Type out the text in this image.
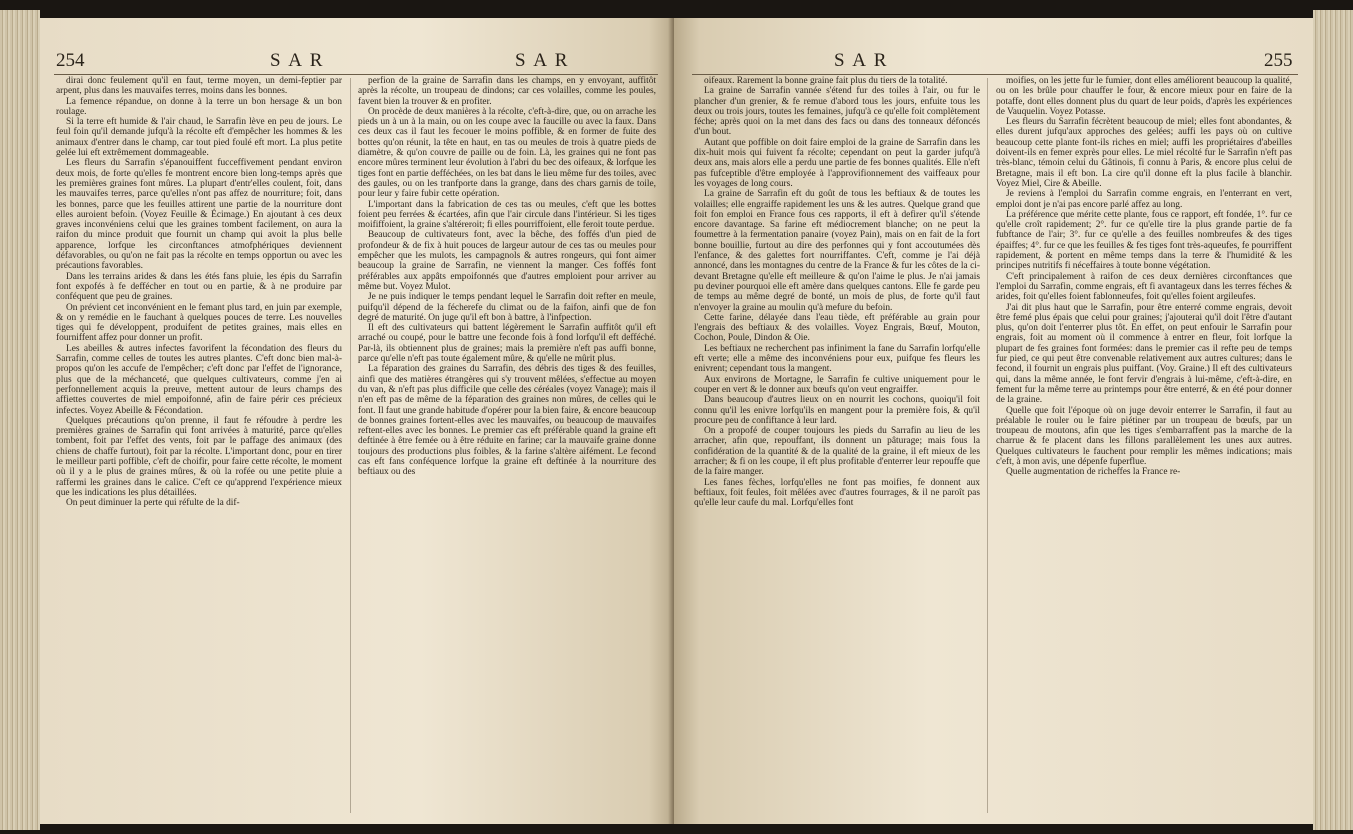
254	S A R	S A R

dirai donc feulement qu'il en faut, terme moyen, un demi-feptier par arpent, plus dans les mauvaifes terres, moins dans les bonnes.

La femence répandue, on donne à la terre un bon hersage & un bon roulage.

Si la terre eft humide & l'air chaud, le Sarrafin lève en peu de jours. Le feul foin qu'il demande jufqu'à la récolte eft d'empêcher les hommes & les animaux d'entrer dans le champ, car tout pied foulé eft mort. La plus petite gelée lui eft extrêmement dommageable.

Les fleurs du Sarrafin s'épanouiffent fucceffivement pendant environ deux mois, de forte qu'elles fe montrent encore bien long-temps après que les premières graines font mûres. La plupart d'entr'elles coulent, foit, dans les mauvaifes terres, parce qu'elles n'ont pas affez de nourriture; foit, dans les bonnes, parce que les feuilles attirent une partie de la nourriture dont elles auroient befoin. (Voyez Feuille & Écimage.) En ajoutant à ces deux graves inconvéniens celui que les graines tombent facilement, on aura la raifon du mince produit que fournit un champ qui avoit la plus belle apparence, lorfque les circonftances atmofphériques deviennent défavorables, ou qu'on ne fait pas la récolte en temps opportun ou avec les précautions favorables.

Dans les terrains arides & dans les étés fans pluie, les épis du Sarrafin font expofés à fe deffécher en tout ou en partie, & à ne produire par conféquent que peu de graines.

On prévient cet inconvénient en le femant plus tard, en juin par exemple, & on y remédie en le fauchant à quelques pouces de terre. Les nouvelles tiges qui fe développent, produifent de petites graines, mais elles en fourniffent affez pour donner un profit.

Les abeilles & autres infectes favorifent la fécondation des fleurs du Sarrafin, comme celles de toutes les autres plantes. C'eft donc bien mal-à-propos qu'on les accufe de l'empêcher; c'eft donc par l'effet de l'ignorance, plus que de la méchanceté, que quelques cultivateurs, comme j'en ai perfonnellement acquis la preuve, mettent autour de leurs champs des affiettes couvertes de miel empoifonné, afin de faire périr ces précieux infectes. Voyez Abeille & Fécondation.

Quelques précautions qu'on prenne, il faut fe réfoudre à perdre les premières graines de Sarrafin qui font arrivées à maturité, parce qu'elles tombent, foit par l'effet des vents, foit par le paffage des animaux (des chiens de chaffe furtout), foit par la récolte. L'important donc, pour en tirer le meilleur parti poffible, c'eft de choifir, pour faire cette récolte, le moment où il y a le plus de graines mûres, & où la rofée ou une petite pluie a raffermi les graines dans le calice. C'eft ce qu'apprend l'expérience mieux que les indications les plus détaillées.

On peut diminuer la perte qui réfulte de la dif-

perfion de la graine de Sarrafin dans les champs, en y envoyant, auffitôt après la récolte, un troupeau de dindons; car ces volailles, comme les poules, favent bien la trouver & en profiter.

On procède de deux manières à la récolte, c'eft-à-dire, que, ou on arrache les pieds un à un à la main, ou on les coupe avec la faucille ou avec la faux. Dans ces deux cas il faut les fecouer le moins poffible, & en former de fuite des bottes qu'on réunit, la tête en haut, en tas ou meules de trois à quatre pieds de diamètre, & qu'on couvre de paille ou de foin. Là, les graines qui ne font pas encore mûres terminent leur évolution à l'abri du bec des oifeaux, & lorfque les tiges font en partie defféchées, on les bat dans le lieu même fur des toiles, avec des gaules, ou on les tranfporte dans la grange, dans des chars garnis de toile, pour leur y faire fubir cette opération.

L'important dans la fabrication de ces tas ou meules, c'eft que les bottes foient peu ferrées & écartées, afin que l'air circule dans l'intérieur. Si les tiges moififfoient, la graine s'altéreroit; fi elles pourriffoient, elle feroit toute perdue.

Beaucoup de cultivateurs font, avec la bêche, des foffés d'un pied de profondeur & de fix à huit pouces de largeur autour de ces tas ou meules pour empêcher que les mulots, les campagnols & autres rongeurs, qui font aimer beaucoup la graine de Sarrafin, ne viennent la manger. Ces foffés font préférables aux appâts empoifonnés que d'autres emploient pour arriver au même but. Voyez Mulot.

Je ne puis indiquer le temps pendant lequel le Sarrafin doit refter en meule, puifqu'il dépend de la fécherefe du climat ou de la faifon, ainfi que de fon degré de maturité. On juge qu'il eft bon à battre, à l'infpection.

Il eft des cultivateurs qui battent légèrement le Sarrafin auffitôt qu'il eft arraché ou coupé, pour le battre une feconde fois à fond lorfqu'il eft defféché. Par-là, ils obtiennent plus de graines; mais la première n'eft pas auffi bonne, parce qu'elle n'eft pas toute également mûre, & qu'elle ne mûrit plus.

La féparation des graines du Sarrafin, des débris des tiges & des feuilles, ainfi que des matières étrangères qui s'y trouvent mêlées, s'effectue au moyen du van, & n'eft pas plus difficile que celle des céréales (voyez Vanage); mais il n'en eft pas de même de la féparation des graines non mûres, de celles qui le font. Il faut une grande habitude d'opérer pour la bien faire, & encore beaucoup de bonnes graines fortent-elles avec les mauvaifes, ou beaucoup de mauvaifes reftent-elles avec les bonnes. Le premier cas eft préférable quand la graine eft deftinée à être femée ou à être réduite en farine; car la mauvaife graine donne toujours des productions plus foibles, & la farine s'altère aifément. Le fecond cas eft fans conféquence lorfque la graine eft deftinée à la nourriture des beftiaux ou des

S A R	255

oifeaux. Rarement la bonne graine fait plus du tiers de la totalité.

La graine de Sarrafin vannée s'étend fur des toiles à l'air, ou fur le plancher d'un grenier, & fe remue d'abord tous les jours, enfuite tous les deux ou trois jours, toutes les femaines, jufqu'à ce qu'elle foit complètement féche; après quoi on la met dans des facs ou dans des tonneaux défoncés d'un bout.

Autant que poffible on doit faire emploi de la graine de Sarrafin dans les dix-huit mois qui fuivent fa récolte; cependant on peut la garder jufqu'à deux ans, mais alors elle a perdu une partie de fes bonnes qualités. Elle n'eft pas fufceptible d'être employée à l'approvifionnement des vaiffeaux pour les voyages de long cours.

La graine de Sarrafin eft du goût de tous les beftiaux & de toutes les volailles; elle engraiffe rapidement les uns & les autres. Quelque grand que foit fon emploi en France fous ces rapports, il eft à defirer qu'il s'étende encore davantage. Sa farine eft médiocrement blanche; on ne peut la foumettre à la fermentation panaire (voyez Pain), mais on en fait de la fort bonne bouillie, furtout au dire des perfonnes qui y font accoutumées dès l'enfance, & des galettes fort nourriffantes. C'eft, comme je l'ai déjà annoncé, dans les montagnes du centre de la France & fur les côtes de la ci-devant Bretagne qu'elle eft meilleure & qu'on l'aime le plus. Je n'ai jamais pu deviner pourquoi elle eft amère dans quelques cantons. Elle fe garde peu de temps au même degré de bonté, un mois de plus, de forte qu'il faut n'envoyer la graine au moulin qu'à mefure du befoin.

Cette farine, délayée dans l'eau tiède, eft préférable au grain pour l'engrais des beftiaux & des volailles. Voyez Engrais, Bœuf, Mouton, Cochon, Poule, Dindon & Oie.

Les beftiaux ne recherchent pas infiniment la fane du Sarrafin lorfqu'elle eft verte; elle a même des inconvéniens pour eux, puifque fes fleurs les enivrent; cependant tous la mangent.

Aux environs de Mortagne, le Sarrafin fe cultive uniquement pour le couper en vert & le donner aux bœufs qu'on veut engraiffer.

Dans beaucoup d'autres lieux on en nourrit les cochons, quoiqu'il foit connu qu'il les enivre lorfqu'ils en mangent pour la première fois, & qu'il procure peu de confiftance à leur lard.

On a propofé de couper toujours les pieds du Sarrafin au lieu de les arracher, afin que, repouffant, ils donnent un pâturage; mais fous la confidération de la quantité & de la qualité de la graine, il eft mieux de les arracher; & fi on les coupe, il eft plus profitable d'enterrer leur repouffe que de la faire manger.

Les fanes fèches, lorfqu'elles ne font pas moifies, fe donnent aux beftiaux, foit feules, foit mêlées avec d'autres fourrages, & il ne paroît pas qu'elle leur caufe du mal. Lorfqu'elles font

moifies, on les jette fur le fumier, dont elles améliorent beaucoup la qualité, ou on les brûle pour chauffer le four, & encore mieux pour en faire de la potaffe, dont elles donnent plus du quart de leur poids, d'après les expériences de Vauquelin. Voyez Potasse.

Les fleurs du Sarrafin fécrètent beaucoup de miel; elles font abondantes, & elles durent jufqu'aux approches des gelées; auffi les pays où on cultive beaucoup cette plante font-ils riches en miel; auffi les propriétaires d'abeilles doivent-ils en femer exprès pour elles. Le miel récolté fur le Sarrafin n'eft pas très-blanc, témoin celui du Gâtinois, fi connu à Paris, & encore plus celui de Bretagne, mais il eft bon. La cire qu'il donne eft la plus facile à blanchir. Voyez Miel, Cire & Abeille.

Je reviens à l'emploi du Sarrafin comme engrais, en l'enterrant en vert, emploi dont je n'ai pas encore parlé affez au long.

La préférence que mérite cette plante, fous ce rapport, eft fondée, 1°. fur ce qu'elle croît rapidement; 2°. fur ce qu'elle tire la plus grande partie de fa fubftance de l'air; 3°. fur ce qu'elle a des feuilles nombreufes & des tiges épaiffes; 4°. fur ce que les feuilles & fes tiges font très-aqueufes, fe pourriffent rapidement, & portent en même temps dans la terre & l'humidité & les principes nutritifs fi néceffaires à toute bonne végétation.

C'eft principalement à raifon de ces deux dernières circonftances que l'emploi du Sarrafin, comme engrais, eft fi avantageux dans les terres féches & arides, foit qu'elles foient fablonneufes, foit qu'elles foient argileufes.

J'ai dit plus haut que le Sarrafin, pour être enterré comme engrais, devoit être femé plus épais que celui pour graines; j'ajouterai qu'il doit l'être d'autant plus, qu'on doit l'enterrer plus tôt. En effet, on peut enfouir le Sarrafin pour engrais, foit au moment où il commence à entrer en fleur, foit lorfque la plupart de fes graines font formées: dans le premier cas il refte peu de temps fur pied, ce qui peut être convenable relativement aux autres cultures; dans le fecond, il fournit un engrais plus puiffant. (Voy. Graine.) Il eft des cultivateurs qui, dans la même année, le font fervir d'engrais à lui-même, c'eft-à-dire, en fement fur la même terre au printemps pour être enterré, & en été pour donner de la graine.

Quelle que foit l'époque où on juge devoir enterrer le Sarrafin, il faut au préalable le rouler ou le faire piétiner par un troupeau de bœufs, par un troupeau de moutons, afin que les tiges s'embarraffent pas la marche de la charrue & fe placent dans les fillons parallèlement les unes aux autres. Quelques cultivateurs le fauchent pour remplir les mêmes indications; mais c'eft, à mon avis, une dépenfe fuperflue.

Quelle augmentation de richeffes la France re-
